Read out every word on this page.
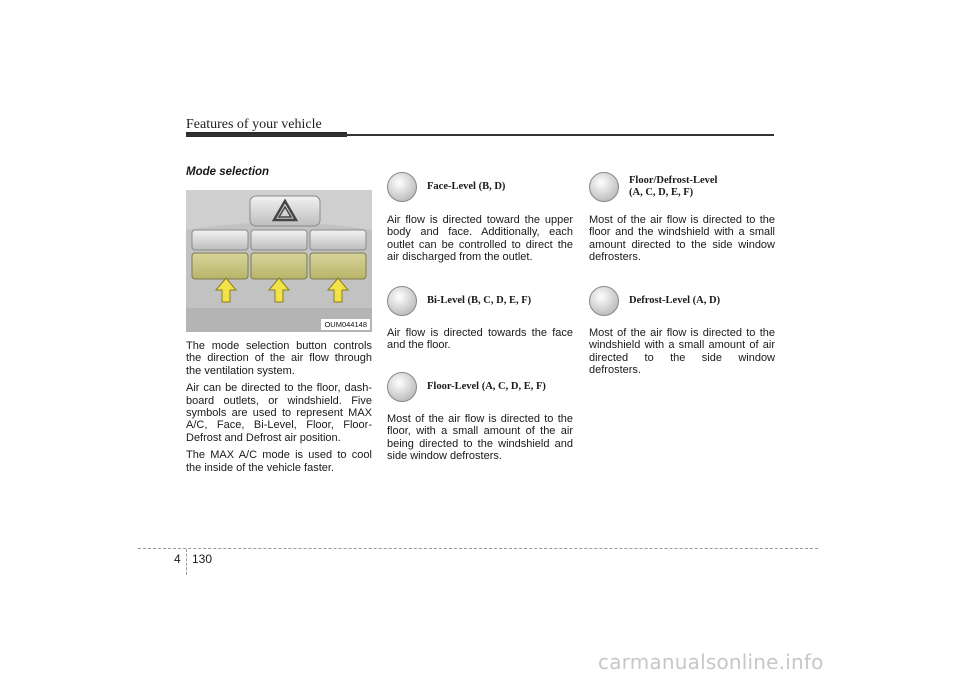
Features of your vehicle
Mode selection
OUM044148

The mode selection button controls the direction of the air flow through the ventilation system.

Air can be directed to the floor, dash-board outlets, or windshield. Five symbols are used to represent MAX A/C, Face, Bi-Level, Floor, Floor-Defrost and Defrost air position.

The MAX A/C mode is used to cool the inside of the vehicle faster.

Face-Level (B, D)
Air flow is directed toward the upper body and face. Additionally, each outlet can be controlled to direct the air discharged from the outlet.
Bi-Level (B, C, D, E, F)
Air flow is directed towards the face and the floor.
Floor-Level (A, C, D, E, F)
Most of the air flow is directed to the floor, with a small amount of the air being directed to the windshield and side window defrosters.
Floor/Defrost-Level
(A, C, D, E, F)
Most of the air flow is directed to the floor and the windshield with a small amount directed to the side window defrosters.
Defrost-Level (A, D)
Most of the air flow is directed to the windshield with a small amount of air directed to the side window defrosters.
4 130
carmanualsonline.info
